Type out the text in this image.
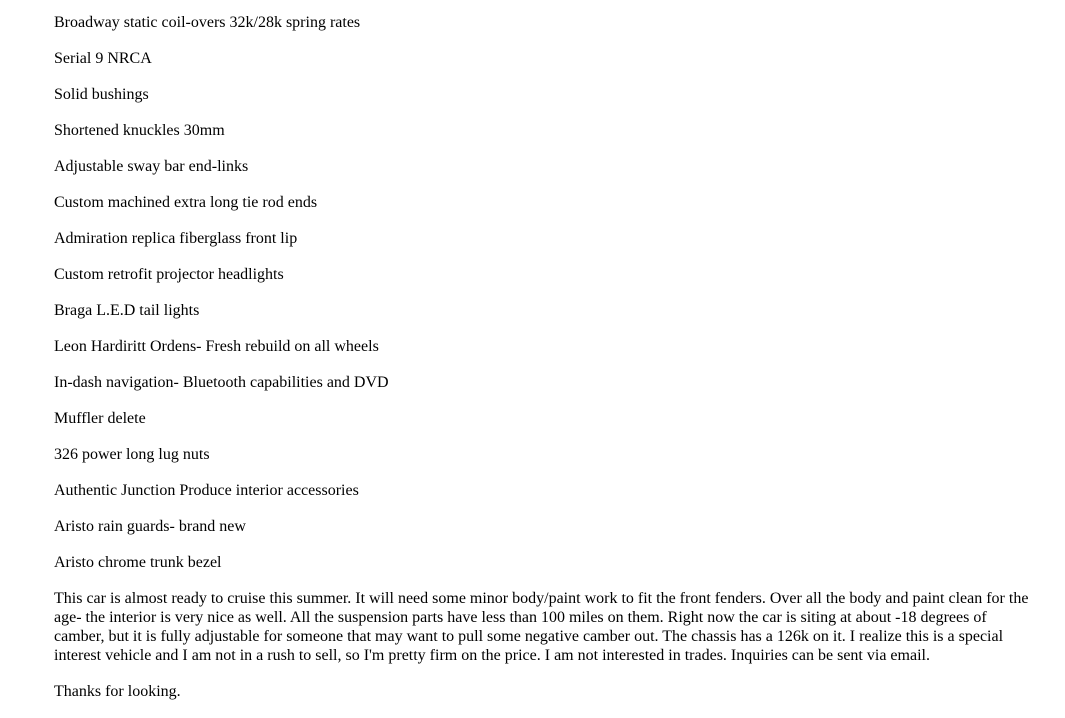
Broadway static coil-overs 32k/28k spring rates

Serial 9 NRCA

Solid bushings

Shortened knuckles 30mm

Adjustable sway bar end-links

Custom machined extra long tie rod ends

Admiration replica fiberglass front lip

Custom retrofit projector headlights

Braga L.E.D tail lights

Leon Hardiritt Ordens- Fresh rebuild on all wheels

In-dash navigation- Bluetooth capabilities and DVD

Muffler delete

326 power long lug nuts

Authentic Junction Produce interior accessories

Aristo rain guards- brand new

Aristo chrome trunk bezel

This car is almost ready to cruise this summer. It will need some minor body/paint work to fit the front fenders. Over all the body and paint clean for the age- the interior is very nice as well. All the suspension parts have less than 100 miles on them. Right now the car is siting at about -18 degrees of camber, but it is fully adjustable for someone that may want to pull some negative camber out. The chassis has a 126k on it. I realize this is a special interest vehicle and I am not in a rush to sell, so I'm pretty firm on the price. I am not interested in trades. Inquiries can be sent via email.

Thanks for looking.
